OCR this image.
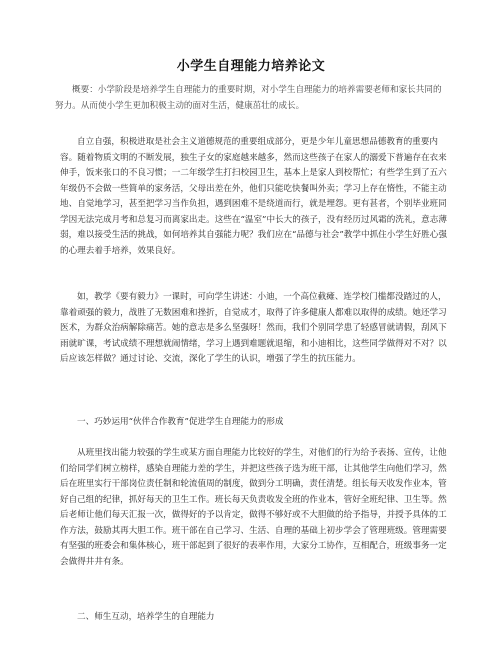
小学生自理能力培养论文

概要：小学阶段是培养学生自理能力的重要时期，对小学生自理能力的培养需要老师和家长共同的努力。从而使小学生更加积极主动的面对生活，健康茁壮的成长。

自立自强，积极进取是社会主义道德规范的重要组成部分，更是少年儿童思想品德教育的重要内容。随着物质文明的不断发展，独生子女的家庭越来越多，然而这些孩子在家人的溺爱下普遍存在衣来伸手，饭来张口的不良习惯；一二年级学生打扫校园卫生，基本上是家人到校帮忙；有些学生到了五六年级仍不会做一些简单的家务活，父母出差在外，他们只能吃快餐叫外卖；学习上存在惰性，不能主动地、自觉地学习，甚至把学习当作负担，遇到困难不是绕道而行，就是埋怨。更有甚者，个别毕业班同学因无法完成月考和总复习而离家出走。这些在“温室”中长大的孩子，没有经历过风霜的洗礼，意志薄弱，难以接受生活的挑战，如何培养其自强能力呢？我们应在“品德与社会”教学中抓住小学生好胜心强的心理去着手培养，效果良好。

如，教学《要有毅力》一课时，可向学生讲述：小迪，一个高位截瘫、连学校门槛都没踏过的人，靠着顽强的毅力，战胜了无数困难和挫折，自觉成才，取得了许多健康人都难以取得的成绩。她还学习医术，为群众治病解除痛苦。她的意志是多么坚强呀！然而，我们个别同学患了轻感冒就请假，刮风下雨就旷课，考试成绩不理想就闹情绪，学习上遇到难题就退缩，和小迪相比，这些同学做得对不对？以后应该怎样做？通过讨论、交流，深化了学生的认识，增强了学生的抗压能力。

一、巧妙运用“伙伴合作教育”促进学生自理能力的形成

从班里找出能力较强的学生或某方面自理能力比较好的学生，对他们的行为给予表扬、宣传，让他们给同学们树立榜样，感染自理能力差的学生，并把这些孩子选为班干部，让其他学生向他们学习，然后在班里实行干部岗位责任制和轮流值周的制度，做到分工明确，责任清楚。组长每天收发作业本，管好自己组的纪律，抓好每天的卫生工作。班长每天负责收发全班的作业本，管好全班纪律、卫生等。然后老师让他们每天汇报一次，做得好的予以肯定，做得不够好或不大胆做的给予指导，并授予具体的工作方法，鼓励其再大胆工作。班干部在自己学习、生活、自理的基础上初步学会了管理班级。管理需要有坚强的班委会和集体核心，班干部起到了很好的表率作用，大家分工协作，互相配合，班级事务一定会做得井井有条。

二、师生互动，培养学生的自理能力
